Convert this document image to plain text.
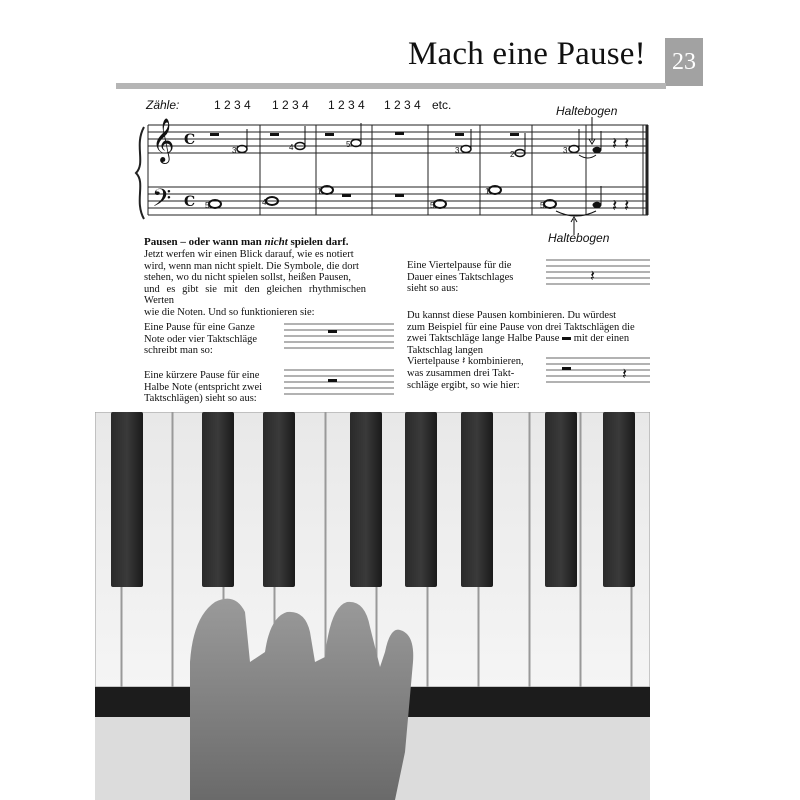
Mach eine Pause! 23
Zähle:	1 2 3 4 1 2 3 4 1 2 3 4 1 2 3 4 etc.	Haltebogen
Haltebogen
𝄞
𝄢
C
C
𝄽 𝄽
𝄽 𝄽
3	4	5
3	2	3
5	4
1
5
1
5
Pausen – oder wann man nicht spielen darf.
Jetzt werfen wir einen Blick darauf, wie es notiert
wird, wenn man nicht spielt. Die Symbole, die dort
stehen, wo du nicht spielen sollst, heißen Pausen,
und es gibt sie mit den gleichen rhythmischen Werten
wie die Noten. Und so funktionieren sie:
Eine Pause für eine Ganze
Note oder vier Taktschläge
schreibt man so:
Eine kürzere Pause für eine
Halbe Note (entspricht zwei
Taktschlägen) sieht so aus:
Eine Viertelpause für die
Dauer eines Taktschlages
sieht so aus:
𝄽
Du kannst diese Pausen kombinieren. Du würdest
zum Beispiel für eine Pause von drei Taktschlägen die
zwei Taktschläge lange Halbe Pause mit der einen
Taktschlag langen
Viertelpause 𝄽 kombinieren,
was zusammen drei Takt-
schläge ergibt, so wie hier:
𝄽
